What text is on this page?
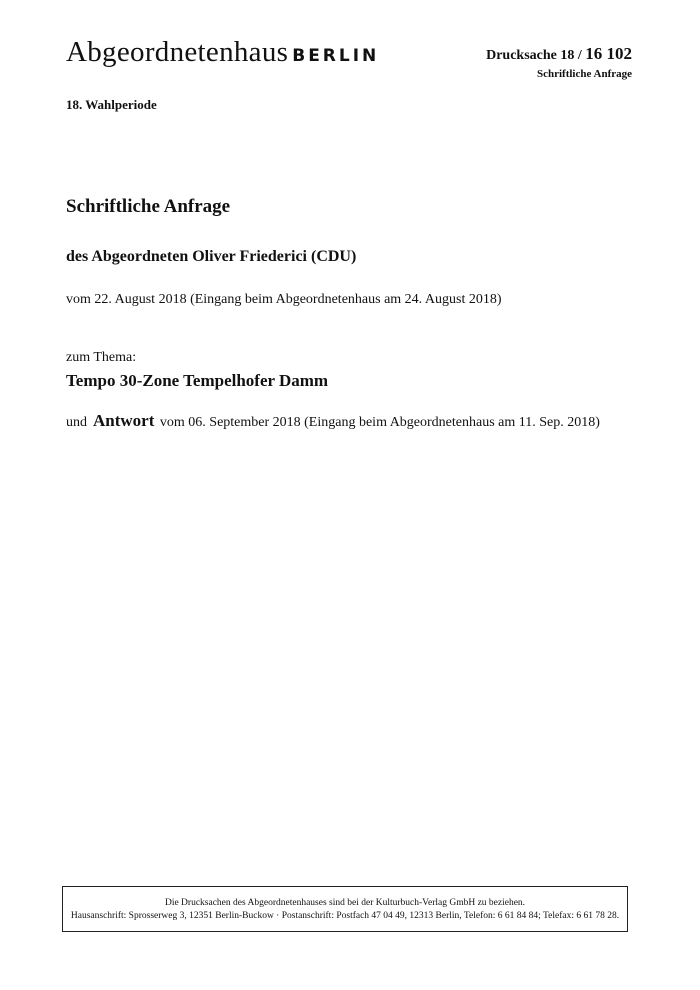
Abgeordnetenhaus BERLIN	Drucksache 18 / 16 102
Schriftliche Anfrage
18. Wahlperiode
Schriftliche Anfrage
des Abgeordneten Oliver Friederici (CDU)
vom 22. August 2018 (Eingang beim Abgeordnetenhaus am 24. August 2018)
zum Thema:
Tempo 30-Zone Tempelhofer Damm
und Antwort vom 06. September 2018 (Eingang beim Abgeordnetenhaus am 11. Sep. 2018)
Die Drucksachen des Abgeordnetenhauses sind bei der Kulturbuch-Verlag GmbH zu beziehen.
Hausanschrift: Sprosserweg 3, 12351 Berlin-Buckow · Postanschrift: Postfach 47 04 49, 12313 Berlin, Telefon: 6 61 84 84; Telefax: 6 61 78 28.
